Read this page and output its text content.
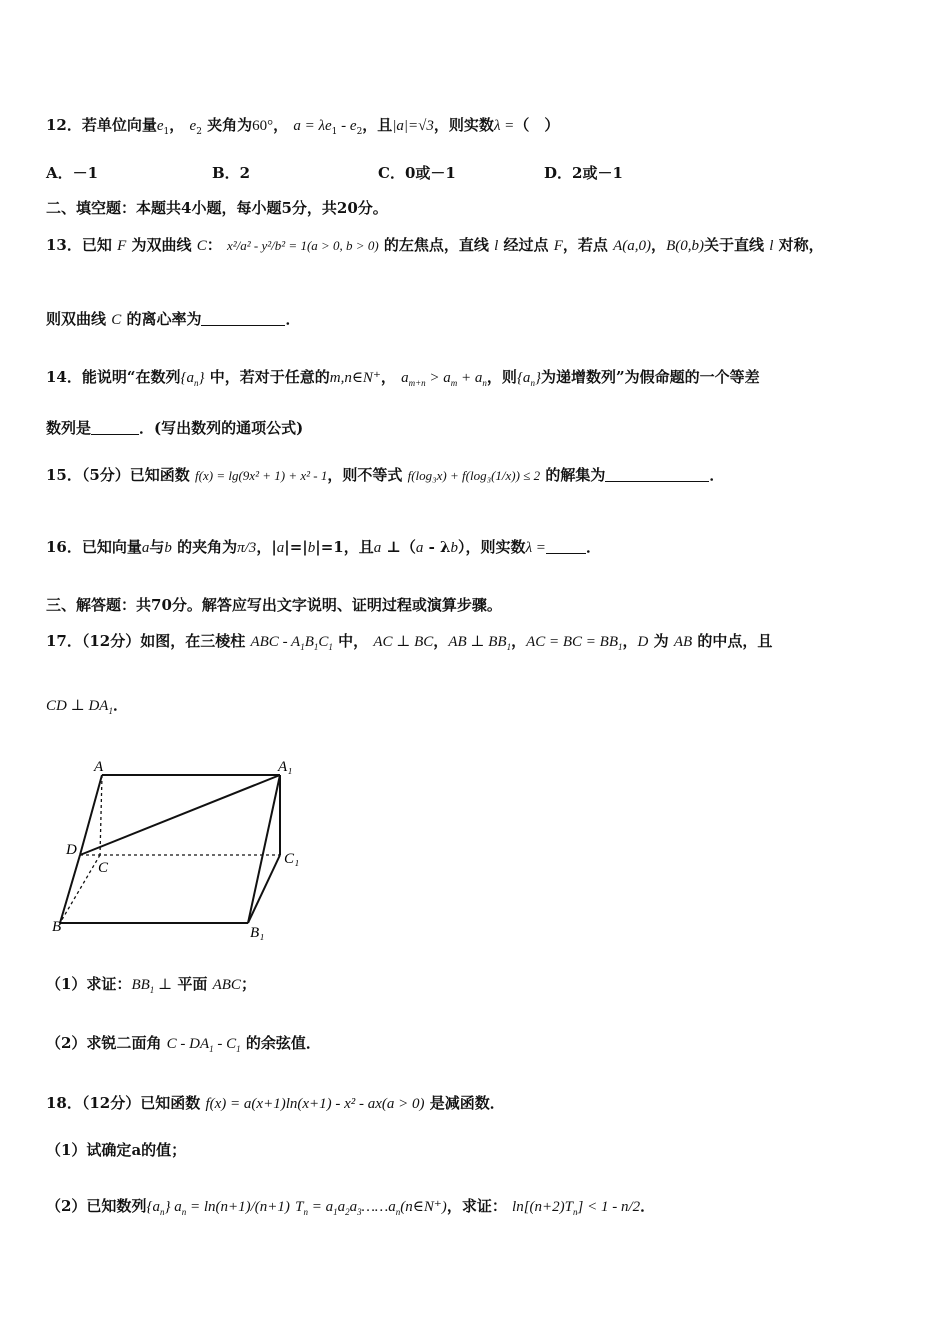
12．若单位向量$e_1$， $e_2$ 夹角为60°， $a = \lambda e_1 - e_2$，且|a|=√3，则实数λ =（　）
A．－1	B．2	C．0或－1	D．2或－1
二、填空题：本题共4小题，每小题5分，共20分。
13．已知 F 为双曲线 C： x²/a² - y²/b² = 1(a > 0, b > 0) 的左焦点，直线 l 经过点 F，若点 A(a,0)，B(0,b)关于直线 l 对称，
则双曲线 C 的离心率为	．
14．能说明“在数列$\{a_n\}$ 中，若对于任意的m,n∈N⁺， $a_{m+n} > a_m + a_n$，则$\{a_n\}$为递增数列”为假命题的一个等差
数列是	．(写出数列的通项公式)
15．（5分）已知函数 f(x) = lg(9x² + 1) + x² - 1，则不等式 f(log₃x) + f(log₃(1/x)) ≤ 2 的解集为	．
16．已知向量a与b 的夹角为π/3，|a|=|b|=1，且a ⊥（a - λb），则实数λ =	．
三、解答题：共70分。解答应写出文字说明、证明过程或演算步骤。
17．（12分）如图，在三棱柱 ABC - $A_1B_1C_1$ 中， AC ⊥ BC，AB ⊥ $BB_1$，AC = BC = $BB_1$，D 为 AB 的中点，且
CD ⊥ $DA_1$．
A	A₁
D
C
C₁
B	B₁
（1）求证：$BB_1$ ⊥ 平面 ABC；
（2）求锐二面角 C - $DA_1 - C_1$ 的余弦值．
18．（12分）已知函数 f(x) = a(x+1)ln(x+1) - x² - ax(a > 0) 是减函数．
（1）试确定a的值；
（2）已知数列$\{a_n\} a_n = \ln(n+1)/(n+1) T_n$ = $a_1a_2a_3\dots\dots a_n(n\in N^+)$，求证： $\ln[(n+2)T_n] < 1 - n/2$．
